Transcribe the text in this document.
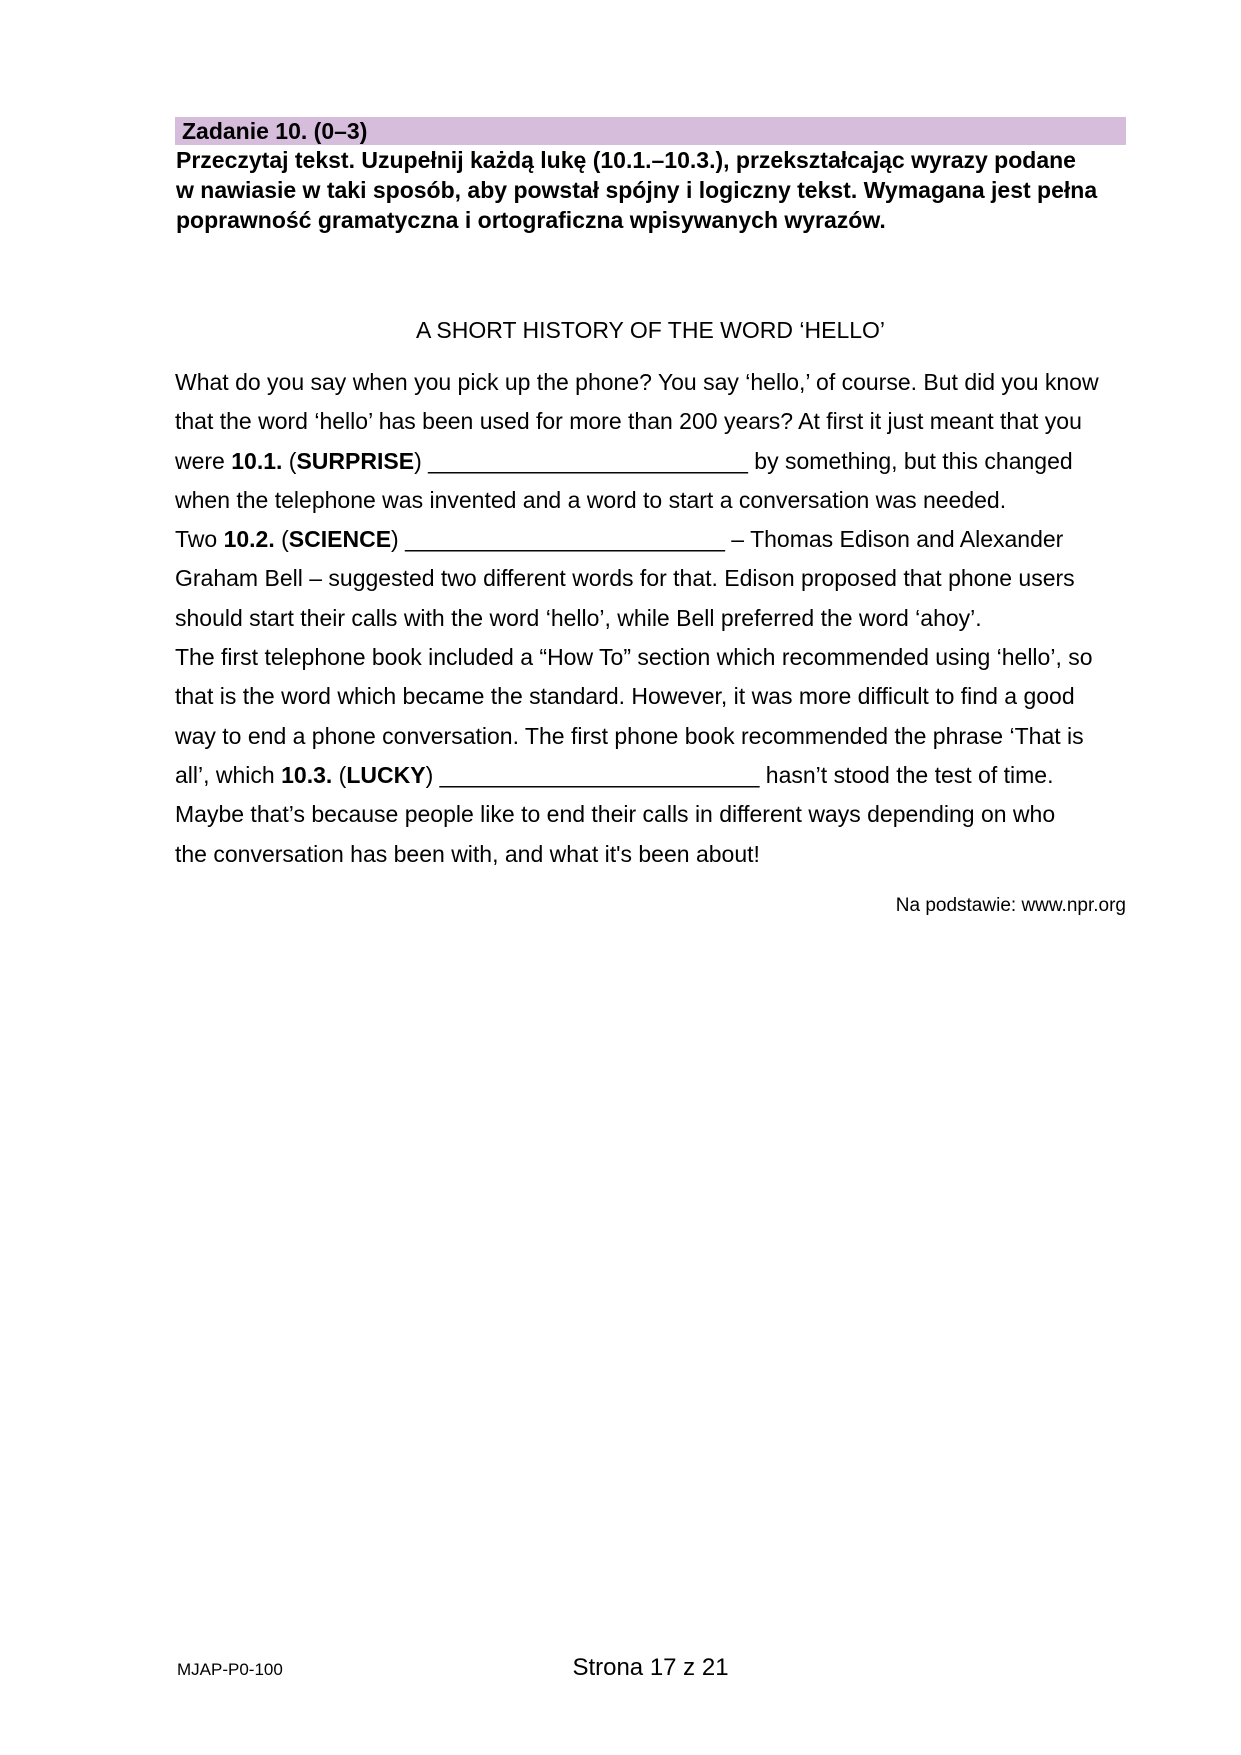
Zadanie 10. (0–3)
Przeczytaj tekst. Uzupełnij każdą lukę (10.1.–10.3.), przekształcając wyrazy podane
w nawiasie w taki sposób, aby powstał spójny i logiczny tekst. Wymagana jest pełna
poprawność gramatyczna i ortograficzna wpisywanych wyrazów.
A SHORT HISTORY OF THE WORD ‘HELLO’
What do you say when you pick up the phone? You say ‘hello,’ of course. But did you know
that the word ‘hello’ has been used for more than 200 years? At first it just meant that you
were 10.1. (SURPRISE) _________________________ by something, but this changed
when the telephone was invented and a word to start a conversation was needed.
Two 10.2. (SCIENCE) _________________________ – Thomas Edison and Alexander
Graham Bell – suggested two different words for that. Edison proposed that phone users
should start their calls with the word ‘hello’, while Bell preferred the word ‘ahoy’.
The first telephone book included a “How To” section which recommended using ‘hello’, so
that is the word which became the standard. However, it was more difficult to find a good
way to end a phone conversation. The first phone book recommended the phrase ‘That is
all’, which 10.3. (LUCKY) _________________________ hasn’t stood the test of time.
Maybe that’s because people like to end their calls in different ways depending on who
the conversation has been with, and what it's been about!
Na podstawie: www.npr.org
MJAP-P0-100	Strona 17 z 21
